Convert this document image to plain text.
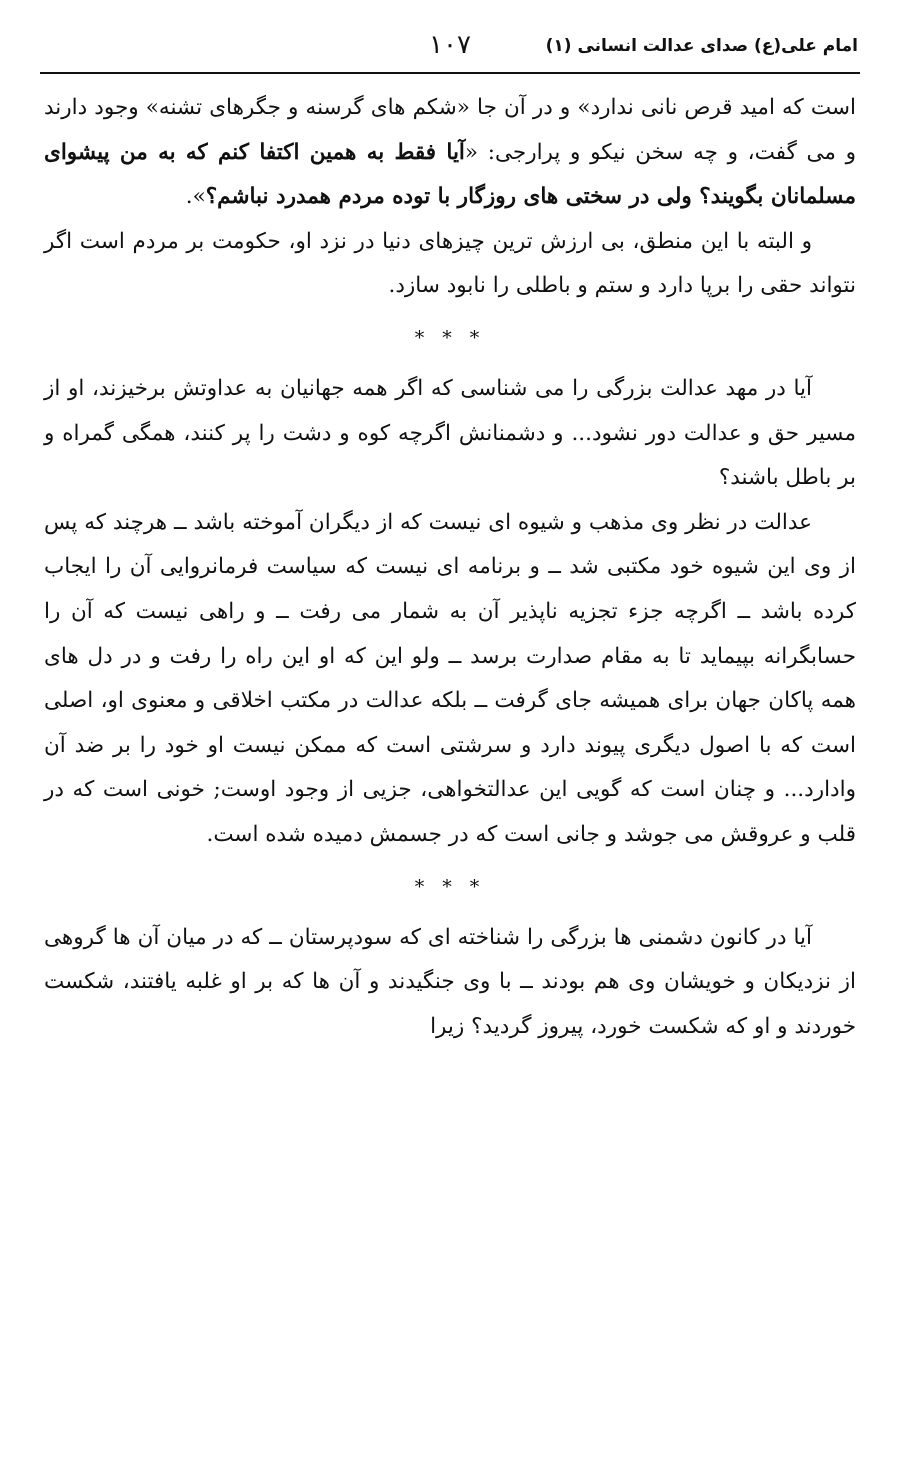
امام علی(ع) صدای عدالت انسانی (۱)
۱۰۷

است که امید قرص نانی ندارد» و در آن جا «شکم های گرسنه و جگرهای تشنه» وجود دارند و می گفت، و چه سخن نیکو و پرارجی: «آیا فقط به همین اکتفا کنم که به من پیشوای مسلمانان بگویند؟ ولی در سختی های روزگار با توده مردم همدرد نباشم؟».

و البته با این منطق، بی ارزش ترین چیزهای دنیا در نزد او، حکومت بر مردم است اگر نتواند حقی را برپا دارد و ستم و باطلی را نابود سازد.

* * *

آیا در مهد عدالت بزرگی را می شناسی که اگر همه جهانیان به عداوتش برخیزند، او از مسیر حق و عدالت دور نشود... و دشمنانش اگرچه کوه و دشت را پر کنند، همگی گمراه و بر باطل باشند؟

عدالت در نظر وی مذهب و شیوه ای نیست که از دیگران آموخته باشد ــ هرچند که پس از وی این شیوه خود مکتبی شد ــ و برنامه ای نیست که سیاست فرمانروایی آن را ایجاب کرده باشد ــ اگرچه جزء تجزیه ناپذیر آن به شمار می رفت ــ و راهی نیست که آن را حسابگرانه بپیماید تا به مقام صدارت برسد ــ ولو این که او این راه را رفت و در دل های همه پاکان جهان برای همیشه جای گرفت ــ بلکه عدالت در مکتب اخلاقی و معنوی او، اصلی است که با اصول دیگری پیوند دارد و سرشتی است که ممکن نیست او خود را بر ضد آن وادارد... و چنان است که گویی این عدالتخواهی، جزیی از وجود اوست; خونی است که در قلب و عروقش می جوشد و جانی است که در جسمش دمیده شده است.

* * *

آیا در کانون دشمنی ها بزرگی را شناخته ای که سودپرستان ــ که در میان آن ها گروهی از نزدیکان و خویشان وی هم بودند ــ با وی جنگیدند و آن ها که بر او غلبه یافتند، شکست خوردند و او که شکست خورد، پیروز گردید؟ زیرا
